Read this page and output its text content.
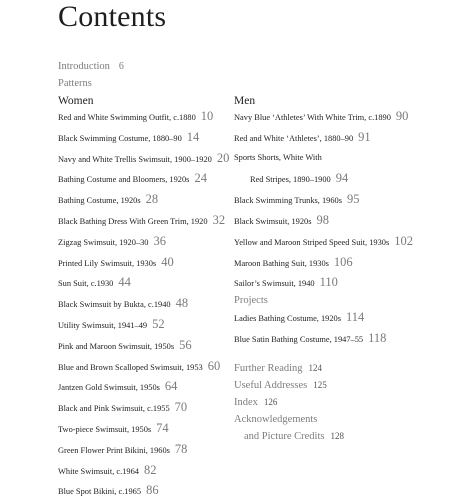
Contents
Introduction 6
Patterns
Women	Men
Red and White Swimming Outfit, c.1880 10
Black Swimming Costume, 1880–90 14
Navy and White Trellis Swimsuit, 1900–1920 20
Bathing Costume and Bloomers, 1920s 24
Bathing Costume, 1920s 28
Black Bathing Dress With Green Trim, 1920 32
Zigzag Swimsuit, 1920–30 36
Printed Lily Swimsuit, 1930s 40
Sun Suit, c.1930 44
Black Swimsuit by Bukta, c.1940 48
Utility Swimsuit, 1941–49 52
Pink and Maroon Swimsuit, 1950s 56
Blue and Brown Scalloped Swimsuit, 1953 60
Jantzen Gold Swimsuit, 1950s 64
Black and Pink Swimsuit, c.1955 70
Two-piece Swimsuit, 1950s 74
Green Flower Print Bikini, 1960s 78
White Swimsuit, c.1964 82
Blue Spot Bikini, c.1965 86
Navy Blue ‘Athletes’ With White Trim, c.1890 90
Red and White ‘Athletes’, 1880–90 91
Sports Shorts, White With
Red Stripes, 1890–1900 94
Black Swimming Trunks, 1960s 95
Black Swimsuit, 1920s 98
Yellow and Maroon Striped Speed Suit, 1930s 102
Maroon Bathing Suit, 1930s 106
Sailor’s Swimsuit, 1940 110
Projects
Ladies Bathing Costume, 1920s 114
Blue Satin Bathing Costume, 1947–55 118
Further Reading 124
Useful Addresses 125
Index 126
Acknowledgements
and Picture Credits 128
